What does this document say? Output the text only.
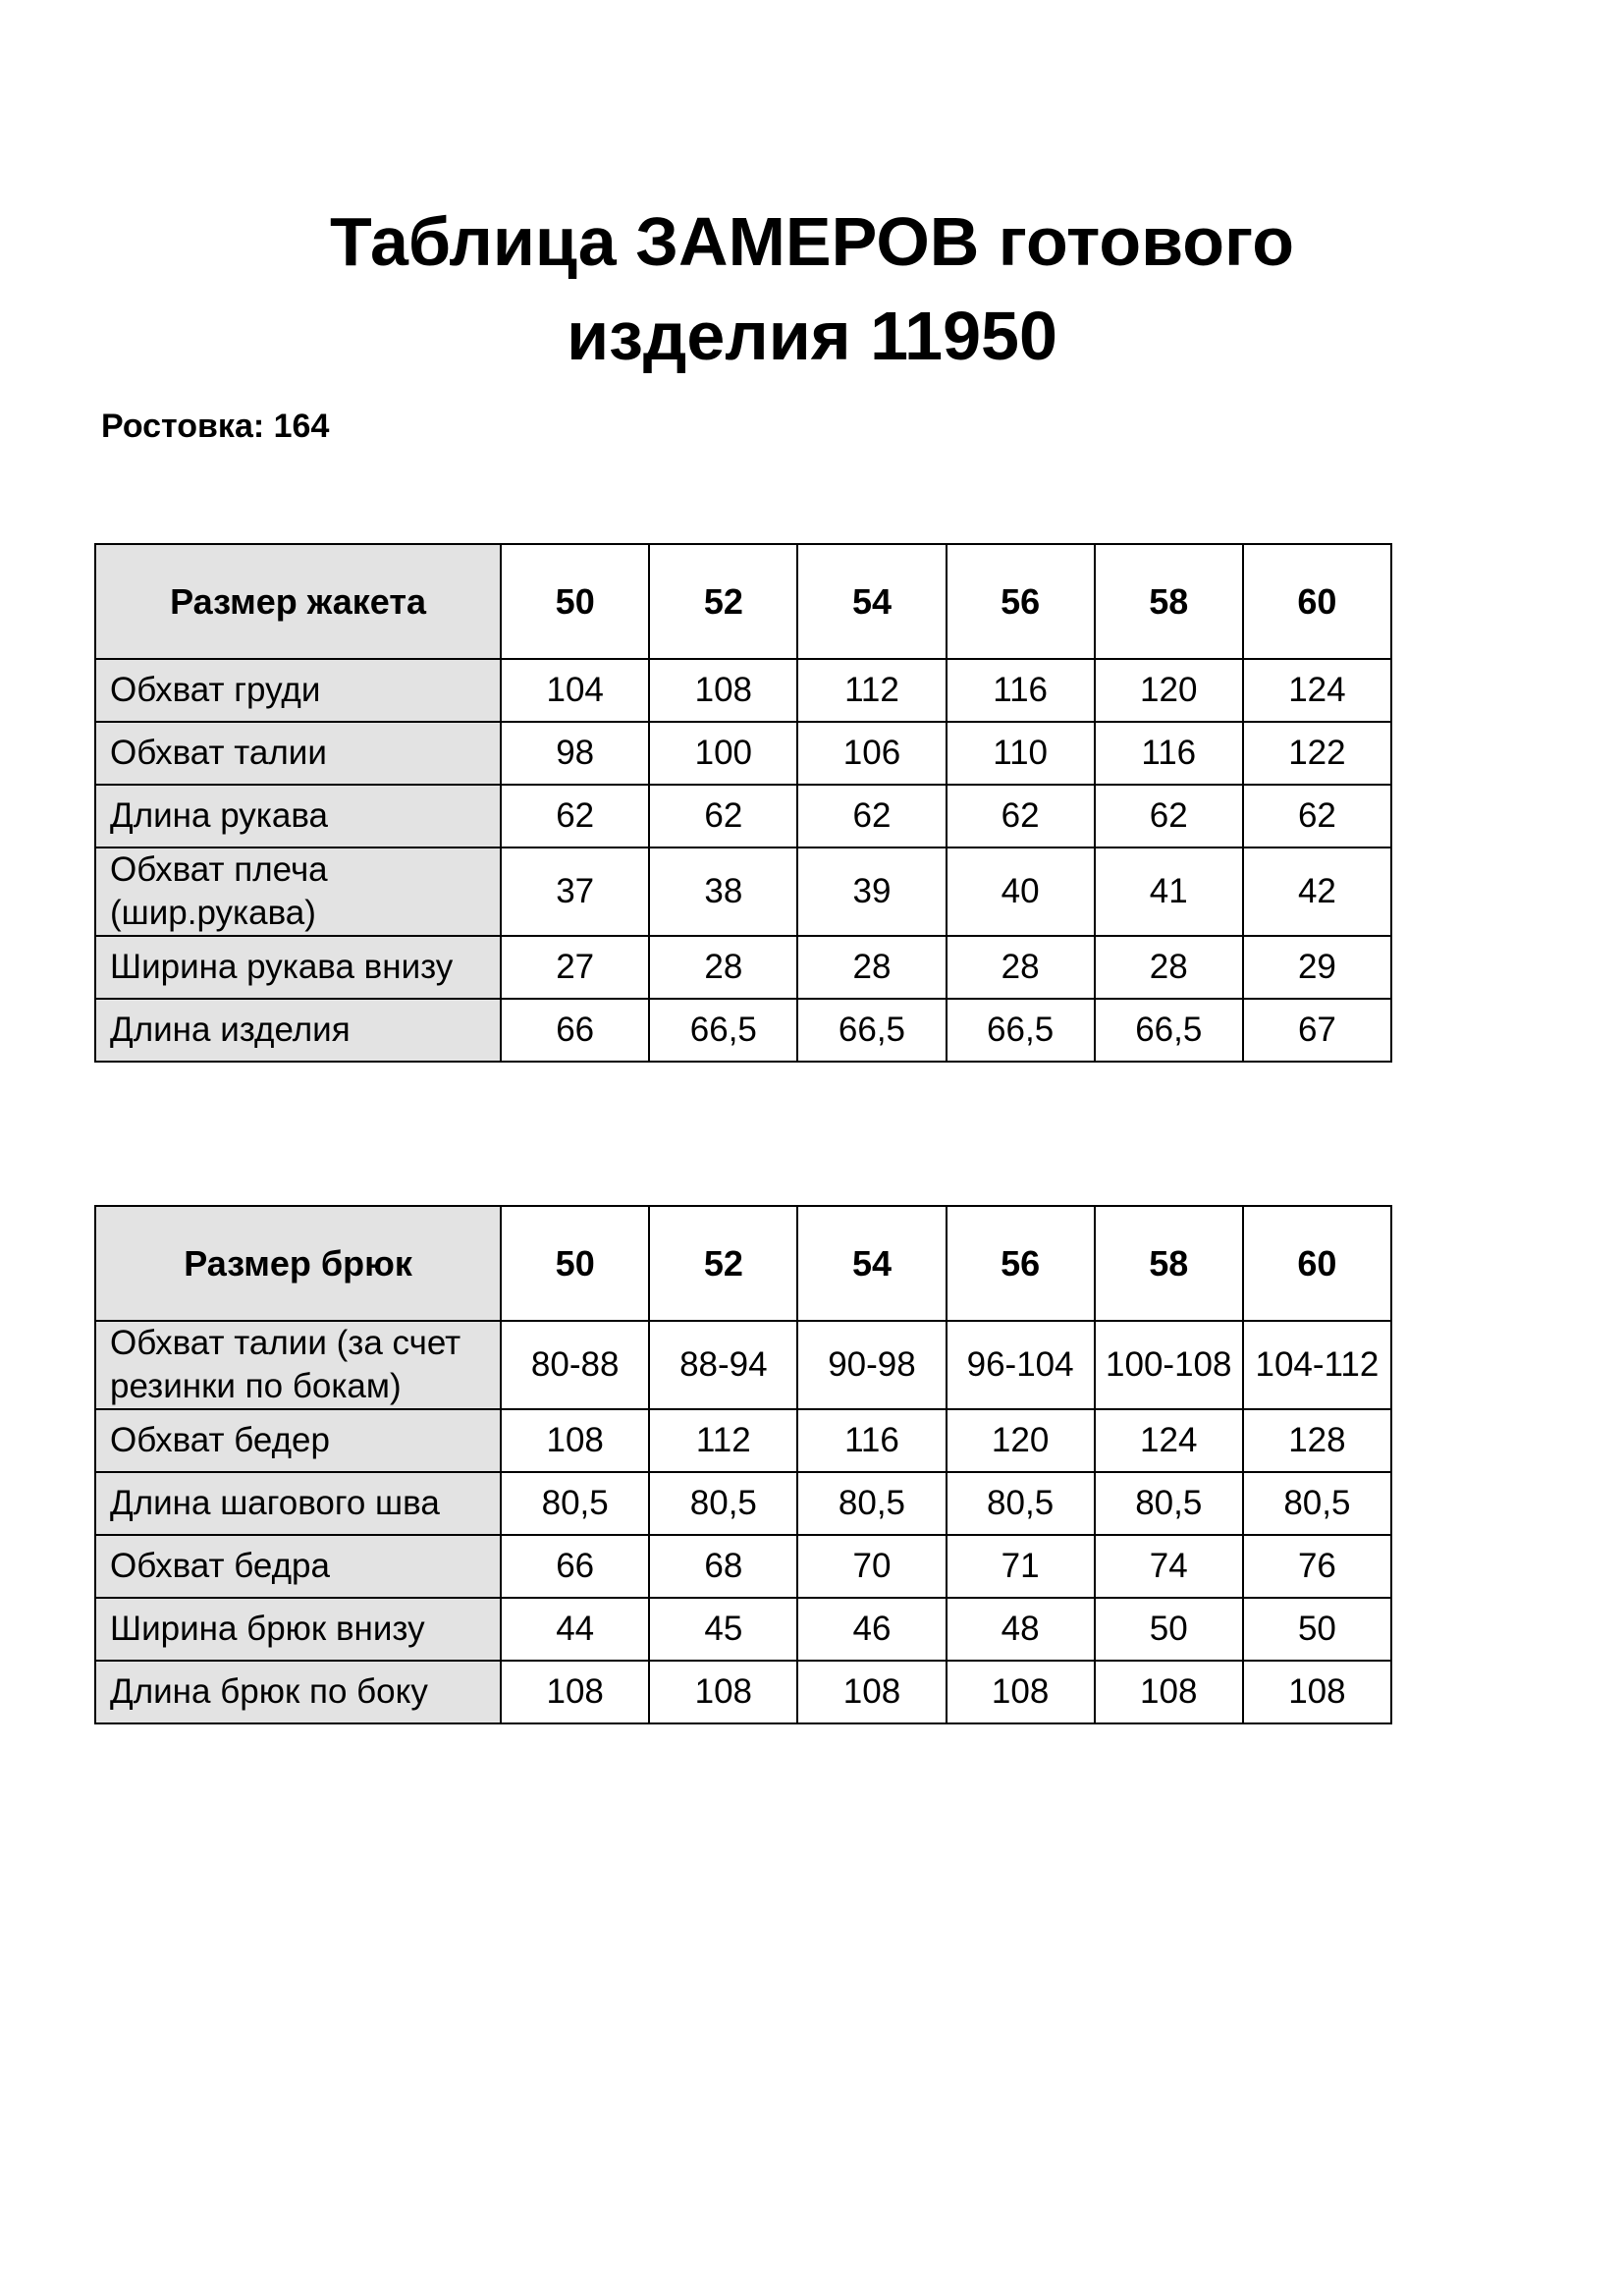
Таблица ЗАМЕРОВ готового
изделия 11950
Ростовка: 164
Размер жакета	50	52	54	56	58	60
Обхват груди	104	108	112	116	120	124
Обхват талии	98	100	106	110	116	122
Длина рукава	62	62	62	62	62	62
Обхват плеча (шир.рукава)	37	38	39	40	41	42
Ширина рукава внизу	27	28	28	28	28	29
Длина изделия	66	66,5	66,5	66,5	66,5	67
Размер брюк	50	52	54	56	58	60
Обхват талии (за счет резинки по бокам)	80-88	88-94	90-98	96-104	100-108	104-112
Обхват бедер	108	112	116	120	124	128
Длина шагового шва	80,5	80,5	80,5	80,5	80,5	80,5
Обхват бедра	66	68	70	71	74	76
Ширина брюк внизу	44	45	46	48	50	50
Длина брюк по боку	108	108	108	108	108	108
